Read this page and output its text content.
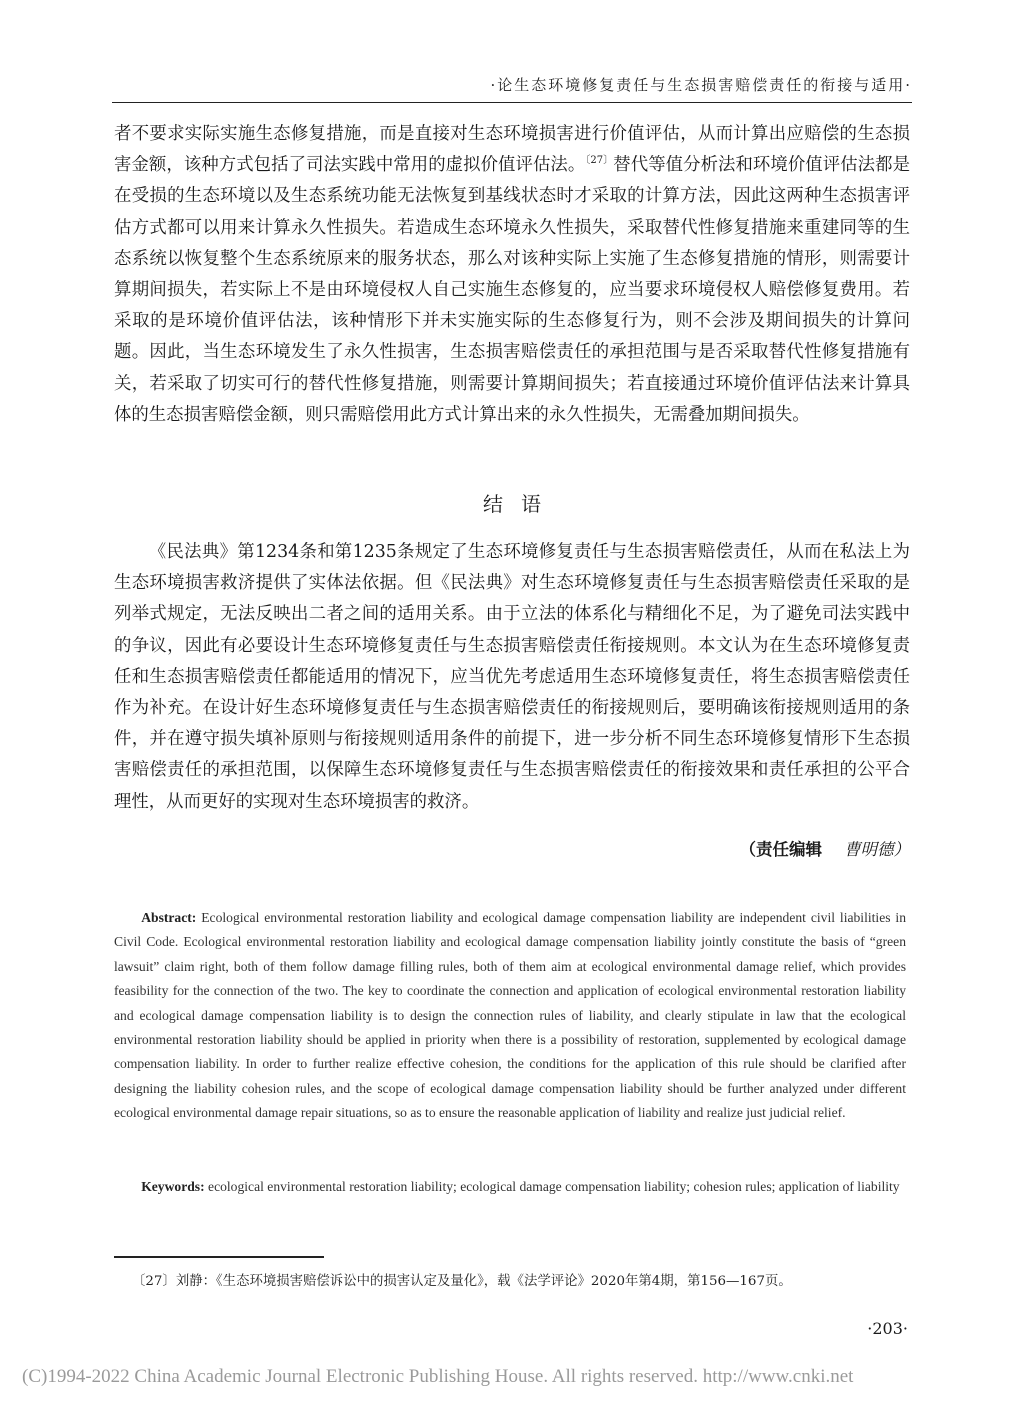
·论生态环境修复责任与生态损害赔偿责任的衔接与适用·

者不要求实际实施生态修复措施，而是直接对生态环境损害进行价值评估，从而计算出应赔偿的生态损害金额，该种方式包括了司法实践中常用的虚拟价值评估法。$^{〔27〕}$替代等值分析法和环境价值评估法都是在受损的生态环境以及生态系统功能无法恢复到基线状态时才采取的计算方法，因此这两种生态损害评估方式都可以用来计算永久性损失。若造成生态环境永久性损失，采取替代性修复措施来重建同等的生态系统以恢复整个生态系统原来的服务状态，那么对该种实际上实施了生态修复措施的情形，则需要计算期间损失，若实际上不是由环境侵权人自己实施生态修复的，应当要求环境侵权人赔偿修复费用。若采取的是环境价值评估法，该种情形下并未实施实际的生态修复行为，则不会涉及期间损失的计算问题。因此，当生态环境发生了永久性损害，生态损害赔偿责任的承担范围与是否采取替代性修复措施有关，若采取了切实可行的替代性修复措施，则需要计算期间损失；若直接通过环境价值评估法来计算具体的生态损害赔偿金额，则只需赔偿用此方式计算出来的永久性损失，无需叠加期间损失。

结语

《民法典》第1234条和第1235条规定了生态环境修复责任与生态损害赔偿责任，从而在私法上为生态环境损害救济提供了实体法依据。但《民法典》对生态环境修复责任与生态损害赔偿责任采取的是列举式规定，无法反映出二者之间的适用关系。由于立法的体系化与精细化不足，为了避免司法实践中的争议，因此有必要设计生态环境修复责任与生态损害赔偿责任衔接规则。本文认为在生态环境修复责任和生态损害赔偿责任都能适用的情况下，应当优先考虑适用生态环境修复责任，将生态损害赔偿责任作为补充。在设计好生态环境修复责任与生态损害赔偿责任的衔接规则后，要明确该衔接规则适用的条件，并在遵守损失填补原则与衔接规则适用条件的前提下，进一步分析不同生态环境修复情形下生态损害赔偿责任的承担范围，以保障生态环境修复责任与生态损害赔偿责任的衔接效果和责任承担的公平合理性，从而更好的实现对生态环境损害的救济。

（责任编辑 曹明德）

Abstract: Ecological environmental restoration liability and ecological damage compensation liability are independent civil liabilities in Civil Code. Ecological environmental restoration liability and ecological damage compensation liability jointly constitute the basis of “green lawsuit” claim right, both of them follow damage filling rules, both of them aim at ecological environmental damage relief, which provides feasibility for the connection of the two. The key to coordinate the connection and application of ecological environmental restoration liability and ecological damage compensation liability is to design the connection rules of liability, and clearly stipulate in law that the ecological environmental restoration liability should be applied in priority when there is a possibility of restoration, supplemented by ecological damage compensation liability. In order to further realize effective cohesion, the conditions for the application of this rule should be clarified after designing the liability cohesion rules, and the scope of ecological damage compensation liability should be further analyzed under different ecological environmental damage repair situations, so as to ensure the reasonable application of liability and realize just judicial relief.

Keywords: ecological environmental restoration liability; ecological damage compensation liability; cohesion rules; application of liability

〔27〕刘静：《生态环境损害赔偿诉讼中的损害认定及量化》，载《法学评论》2020年第4期，第156—167页。
·203·
(C)1994-2022 China Academic Journal Electronic Publishing House. All rights reserved. http://www.cnki.net
